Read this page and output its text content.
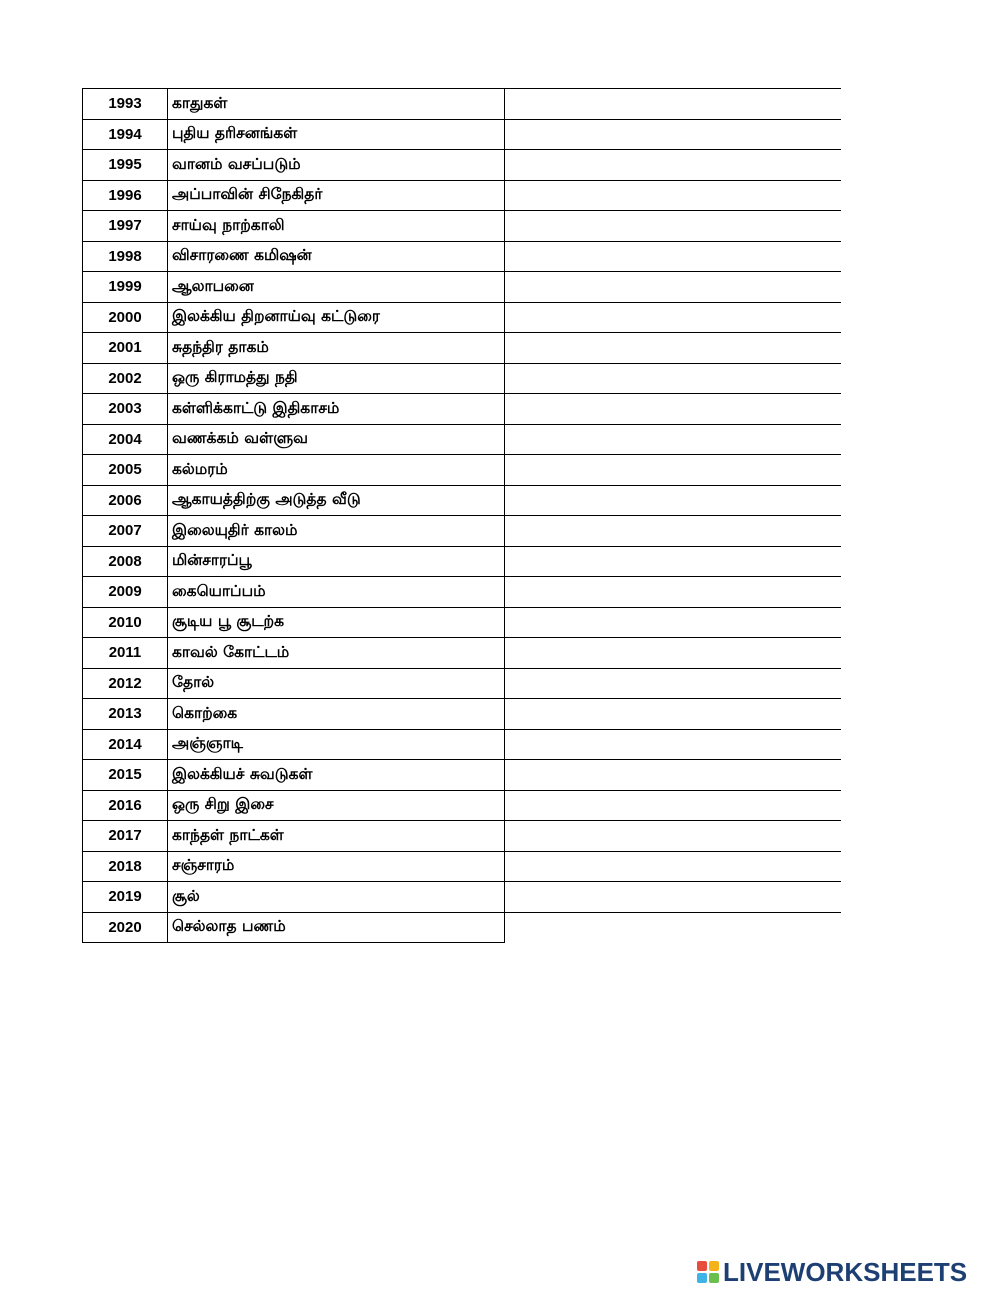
1993	காதுகள்	
1994	புதிய தரிசனங்கள்	
1995	வானம் வசப்படும்	
1996	அப்பாவின் சிநேகிதர்	
1997	சாய்வு நாற்காலி	
1998	விசாரணை கமிஷன்	
1999	ஆலாபனை	
2000	இலக்கிய திறனாய்வு கட்டுரை	
2001	சுதந்திர தாகம்	
2002	ஒரு கிராமத்து நதி	
2003	கள்ளிக்காட்டு இதிகாசம்	
2004	வணக்கம் வள்ளுவ	
2005	கல்மரம்	
2006	ஆகாயத்திற்கு அடுத்த வீடு	
2007	இலையுதிர் காலம்	
2008	மின்சாரப்பூ	
2009	கையொப்பம்	
2010	சூடிய பூ சூடற்க	
2011	காவல் கோட்டம்	
2012	தோல்	
2013	கொற்கை	
2014	அஞ்ஞாடி	
2015	இலக்கியச் சுவடுகள்	
2016	ஒரு சிறு இசை	
2017	காந்தள் நாட்கள்	
2018	சஞ்சாரம்	
2019	சூல்	
2020	செல்லாத பணம்	
LIVEWORKSHEETS
